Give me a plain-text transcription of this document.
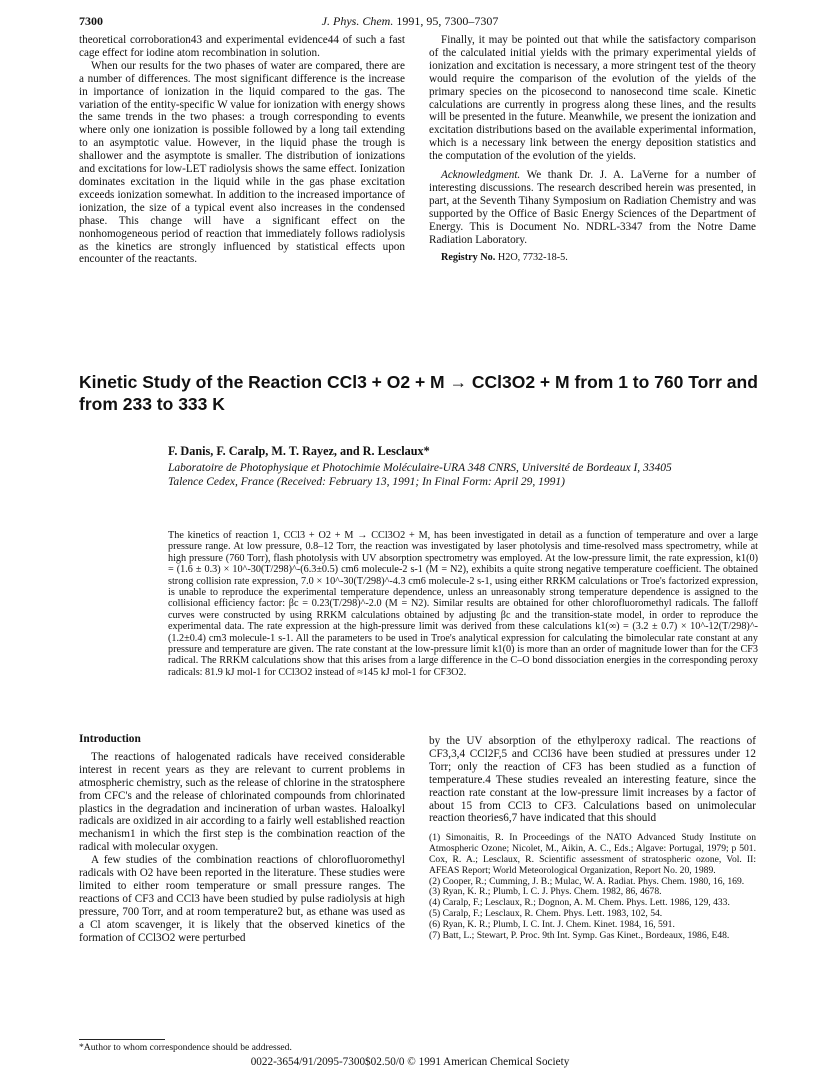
7300	J. Phys. Chem. 1991, 95, 7300–7307

theoretical corroboration43 and experimental evidence44 of such a fast cage effect for iodine atom recombination in solution.

When our results for the two phases of water are compared, there are a number of differences. The most significant difference is the increase in importance of ionization in the liquid compared to the gas. The variation of the entity-specific W value for ionization with energy shows the same trends in the two phases: a trough corresponding to events where only one ionization is possible followed by a long tail extending to an asymptotic value. However, in the liquid phase the trough is shallower and the asymptote is smaller. The distribution of ionizations and excitations for low-LET radiolysis shows the same effect. Ionization dominates excitation in the liquid while in the gas phase excitation exceeds ionization somewhat. In addition to the increased importance of ionization, the size of a typical event also increases in the condensed phase. This change will have a significant effect on the nonhomogeneous period of reaction that immediately follows radiolysis as the kinetics are strongly influenced by statistical effects upon encounter of the reactants.

Finally, it may be pointed out that while the satisfactory comparison of the calculated initial yields with the primary experimental yields of ionization and excitation is necessary, a more stringent test of the theory would require the comparison of the evolution of the yields of the primary species on the picosecond to nanosecond time scale. Kinetic calculations are currently in progress along these lines, and the results will be presented in the future. Meanwhile, we present the ionization and excitation distributions based on the available experimental information, which is a necessary link between the energy deposition statistics and the computation of the evolution of the yields.

Acknowledgment. We thank Dr. J. A. LaVerne for a number of interesting discussions. The research described herein was presented, in part, at the Seventh Tihany Symposium on Radiation Chemistry and was supported by the Office of Basic Energy Sciences of the Department of Energy. This is Document No. NDRL-3347 from the Notre Dame Radiation Laboratory.

Registry No. H2O, 7732-18-5.
Kinetic Study of the Reaction CCl3 + O2 + M → CCl3O2 + M from 1 to 760 Torr and
from 233 to 333 K
F. Danis, F. Caralp, M. T. Rayez, and R. Lesclaux*
Laboratoire de Photophysique et Photochimie Moléculaire-URA 348 CNRS, Université de Bordeaux I, 33405
Talence Cedex, France (Received: February 13, 1991; In Final Form: April 29, 1991)
The kinetics of reaction 1, CCl3 + O2 + M → CCl3O2 + M, has been investigated in detail as a function of temperature and over a large pressure range. At low pressure, 0.8–12 Torr, the reaction was investigated by laser photolysis and time-resolved mass spectrometry, while at high pressure (760 Torr), flash photolysis with UV absorption spectrometry was employed. At the low-pressure limit, the rate expression, k1(0) = (1.6 ± 0.3) × 10^-30(T/298)^-(6.3±0.5) cm6 molecule-2 s-1 (M = N2), exhibits a quite strong negative temperature coefficient. The obtained strong collision rate expression, 7.0 × 10^-30(T/298)^-4.3 cm6 molecule-2 s-1, using either RRKM calculations or Troe's factorized expression, is unable to reproduce the experimental temperature dependence, unless an unreasonably strong temperature dependence is assigned to the collisional efficiency factor: βc = 0.23(T/298)^-2.0 (M = N2). Similar results are obtained for other chlorofluoromethyl radicals. The falloff curves were constructed by using RRKM calculations obtained by adjusting βc and the transition-state model, in order to reproduce the experimental data. The rate expression at the high-pressure limit was derived from these calculations k1(∞) = (3.2 ± 0.7) × 10^-12(T/298)^-(1.2±0.4) cm3 molecule-1 s-1. All the parameters to be used in Troe's analytical expression for calculating the bimolecular rate constant at any pressure and temperature are given. The rate constant at the low-pressure limit k1(0) is more than an order of magnitude lower than for the CF3 radical. The RRKM calculations show that this arises from a large difference in the C–O bond dissociation energies in the corresponding peroxy radicals: 81.9 kJ mol-1 for CCl3O2 instead of ≈145 kJ mol-1 for CF3O2.
Introduction

The reactions of halogenated radicals have received considerable interest in recent years as they are relevant to current problems in atmospheric chemistry, such as the release of chlorine in the stratosphere from CFC's and the release of chlorinated compounds from chlorinated plastics in the degradation and incineration of urban wastes. Haloalkyl radicals are oxidized in air according to a fairly well established reaction mechanism1 in which the first step is the combination reaction of the radical with molecular oxygen.

A few studies of the combination reactions of chlorofluoromethyl radicals with O2 have been reported in the literature. These studies were limited to either room temperature or small pressure ranges. The reactions of CF3 and CCl3 have been studied by pulse radiolysis at high pressure, 700 Torr, and at room temperature2 but, as ethane was used as a Cl atom scavenger, it is likely that the observed kinetics of the formation of CCl3O2 were perturbed

by the UV absorption of the ethylperoxy radical. The reactions of CF3,3,4 CCl2F,5 and CCl36 have been studied at pressures under 12 Torr; only the reaction of CF3 has been studied as a function of temperature.4 These studies revealed an interesting feature, since the reaction rate constant at the low-pressure limit increases by a factor of about 15 from CCl3 to CF3. Calculations based on unimolecular reaction theories6,7 have indicated that this should

(1) Simonaitis, R. In Proceedings of the NATO Advanced Study Institute on Atmospheric Ozone; Nicolet, M., Aikin, A. C., Eds.; Algave: Portugal, 1979; p 501. Cox, R. A.; Lesclaux, R. Scientific assessment of stratospheric ozone, Vol. II: AFEAS Report; World Meteorological Organization, Report No. 20, 1989.
(2) Cooper, R.; Cumming, J. B.; Mulac, W. A. Radiat. Phys. Chem. 1980, 16, 169.
(3) Ryan, K. R.; Plumb, I. C. J. Phys. Chem. 1982, 86, 4678.
(4) Caralp, F.; Lesclaux, R.; Dognon, A. M. Chem. Phys. Lett. 1986, 129, 433.
(5) Caralp, F.; Lesclaux, R. Chem. Phys. Lett. 1983, 102, 54.
(6) Ryan, K. R.; Plumb, I. C. Int. J. Chem. Kinet. 1984, 16, 591.
(7) Batt, L.; Stewart, P. Proc. 9th Int. Symp. Gas Kinet., Bordeaux, 1986, E48.
*Author to whom correspondence should be addressed.
0022-3654/91/2095-7300$02.50/0 © 1991 American Chemical Society
